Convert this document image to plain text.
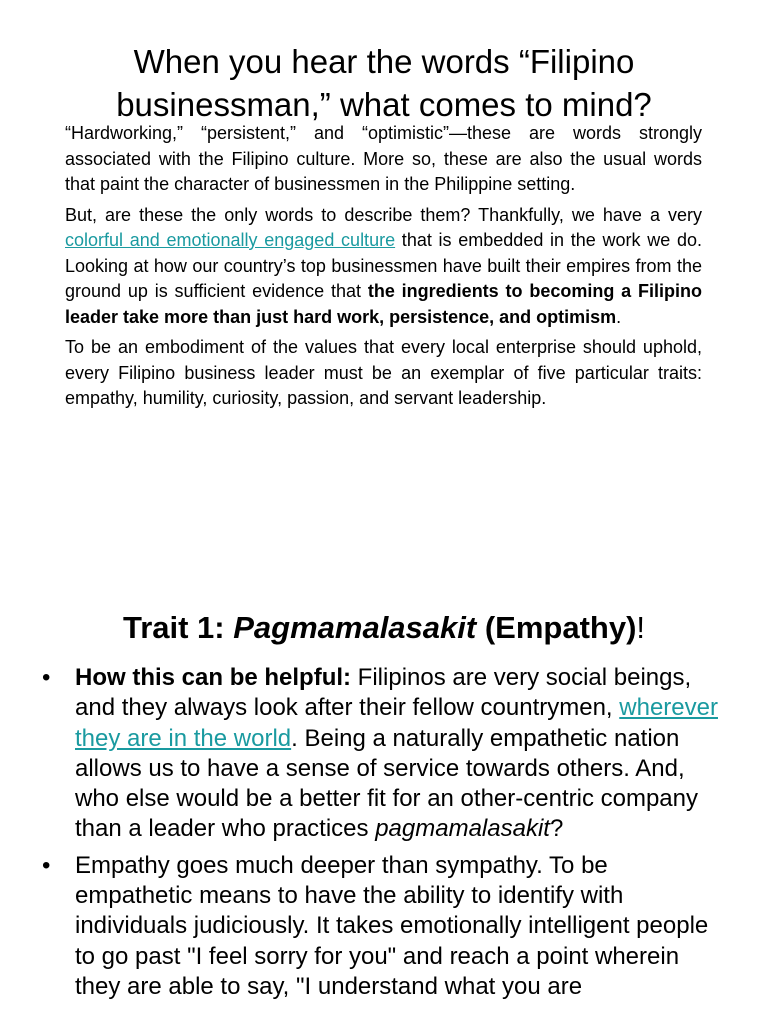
When you hear the words “Filipino businessman,” what comes to mind?

“Hardworking,” “persistent,” and “optimistic”—these are words strongly associated with the Filipino culture. More so, these are also the usual words that paint the character of businessmen in the Philippine setting.

But, are these the only words to describe them? Thankfully, we have a very colorful and emotionally engaged culture that is embedded in the work we do. Looking at how our country’s top businessmen have built their empires from the ground up is sufficient evidence that the ingredients to becoming a Filipino leader take more than just hard work, persistence, and optimism.

To be an embodiment of the values that every local enterprise should uphold, every Filipino business leader must be an exemplar of five particular traits: empathy, humility, curiosity, passion, and servant leadership.

Trait 1: Pagmamalasakit (Empathy)!
• How this can be helpful: Filipinos are very social beings, and they always look after their fellow countrymen, wherever they are in the world. Being a naturally empathetic nation allows us to have a sense of service towards others. And, who else would be a better fit for an other-centric company than a leader who practices pagmamalasakit?
• Empathy goes much deeper than sympathy. To be empathetic means to have the ability to identify with individuals judiciously. It takes emotionally intelligent people to go past "I feel sorry for you" and reach a point wherein they are able to say, "I understand what you are
